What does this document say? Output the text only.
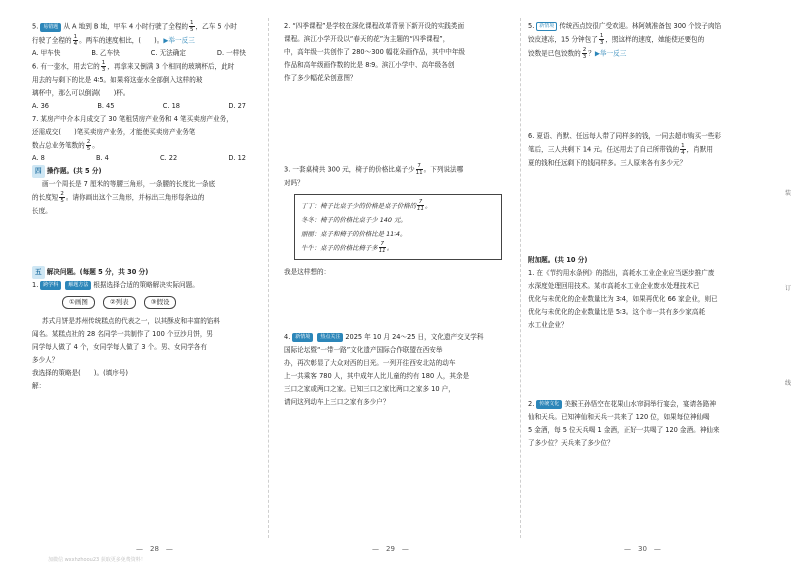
5. 易错题 从 A 地到 B 地，甲车 4 小时行驶了全程的 $\frac{1}{5}$ ，乙车 5 小时

行驶了全程的 $\frac{1}{4}$ 。两车的速度相比，(　　)。▶举一反三

A. 甲车快	B. 乙车快	C. 无法确定	D. 一样快

6. 有一壶水，用去它的 $\frac{1}{3}$ ，再拿来又倒满 3 个相同的玻璃杯后，此时

用去的与剩下的比是 4∶5。如果将这壶水全部倒入这样的玻

璃杯中，那么可以倒满(　　)杯。

A. 36	B. 45	C. 18	D. 27

7. 某房产中介本月成交了 30 笔租赁房产业务和 4 笔买卖房产业务，

还需成交(　　)笔买卖房产业务，才能使买卖房产业务笔

数占总业务笔数的 $\frac{2}{5}$ 。

A. 8	B. 4	C. 22	D. 12

四 操作题。(共 5 分)

画一个周长是 7 厘米的等腰三角形，一条腰的长度比一条底

的长度短 $\frac{2}{5}$ 。请你画出这个三角形，并标出三角形每条边的

长度。

五 解决问题。(每题 5 分，共 30 分)

1. 跨学科 解题方法 根据选择合适的策略解决实际问题。

①画图	②列表	③假设

苏式月饼是苏州传统糕点的代表之一，以其酥皮和丰富的馅料

闻名。某糕点社的 28 名同学一共制作了 100 个豆沙月饼，男

同学每人做了 4 个，女同学每人做了 3 个。男、女同学各有

多少人？

我选择的策略是(　　)。(填序号)

解：

2. “四季课程”是学校在深化课程改革背景下新开设的实践类面

课程。滨江小学开设以“春天的花”为主题的“四季课程”，

中，高年级一共创作了 280～300 幅花朵画作品，其中中年级

作品和高年级画作数的比是 8∶9。滨江小学中、高年级各创

作了多少幅花朵创意图？

3. 一套桌椅共 300 元，椅子的价格比桌子少 $\frac{7}{11}$ 。下列说法哪

对吗？

丁丁：椅子比桌子少的价格是桌子价格的 $\frac{7}{11}$ 。

冬冬：椅子的价格比桌子少 140 元。

丽丽：桌子和椅子的价格比是 11∶4。

牛牛：桌子的价格比椅子多 $\frac{7}{11}$ 。

我是这样想的：

4. 新情境 热点关注 2025 年 10 月 24～25 日，文化遗产交叉学科

国际论坛暨“一带一路”文化遗产国际合作联盟在西安举

办，再次彰显了大众对西的目光。一列开往西安北站的动车

上一共乘客 780 人，其中成年人比儿童的约有 180 人，其余是

三口之家或两口之家。已知三口之家比两口之家多 10 户，

请问这列动车上三口之家有多少户？

5. 新情境 传统西点饺很广受欢迎。林阿姨准备包 300 个饺子肉馅

饺皮速冻，15 分钟包了 $\frac{1}{3}$ ，照这样的速度，她能使还要包的

饺数是已包饺数的 $\frac{2}{3}$ ？▶举一反三

6. 夏语、肖默、任远每人带了同样多的钱，一同去超市购买一些彩

笔后，三人共剩下 14 元。任远用去了自己所带钱的 $\frac{1}{4}$ ，肖默用

夏的钱和任远剩下的钱同样多。三人原来各有多少元？

附加题。(共 10 分)

1. 在《节约用水条例》的指出，高耗水工业企业应当逐步推广废

水深度处理回用技术。某市高耗水工业企业废水处理技术已

优化与未优化的企业数量比为 3∶4，如果再优化 66 家企业，则已

优化与未优化的企业数量比是 5∶3。这个市一共有多少家高耗

水工业企业？

2. 传统文化 美猴王孙悟空在花果山水帘洞举行宴会，宴请各路神

仙和天兵。已知神仙和天兵一共来了 120 位，如果每位神仙喝

5 金酒，每 5 位天兵喝 1 金酒，正好一共喝了 120 金酒。神仙来

了多少位？天兵来了多少位？

装
订
线
—　28　—	—　29　—	—　30　—
加微信 wxxhzhoou23 获取更多免费资料！
